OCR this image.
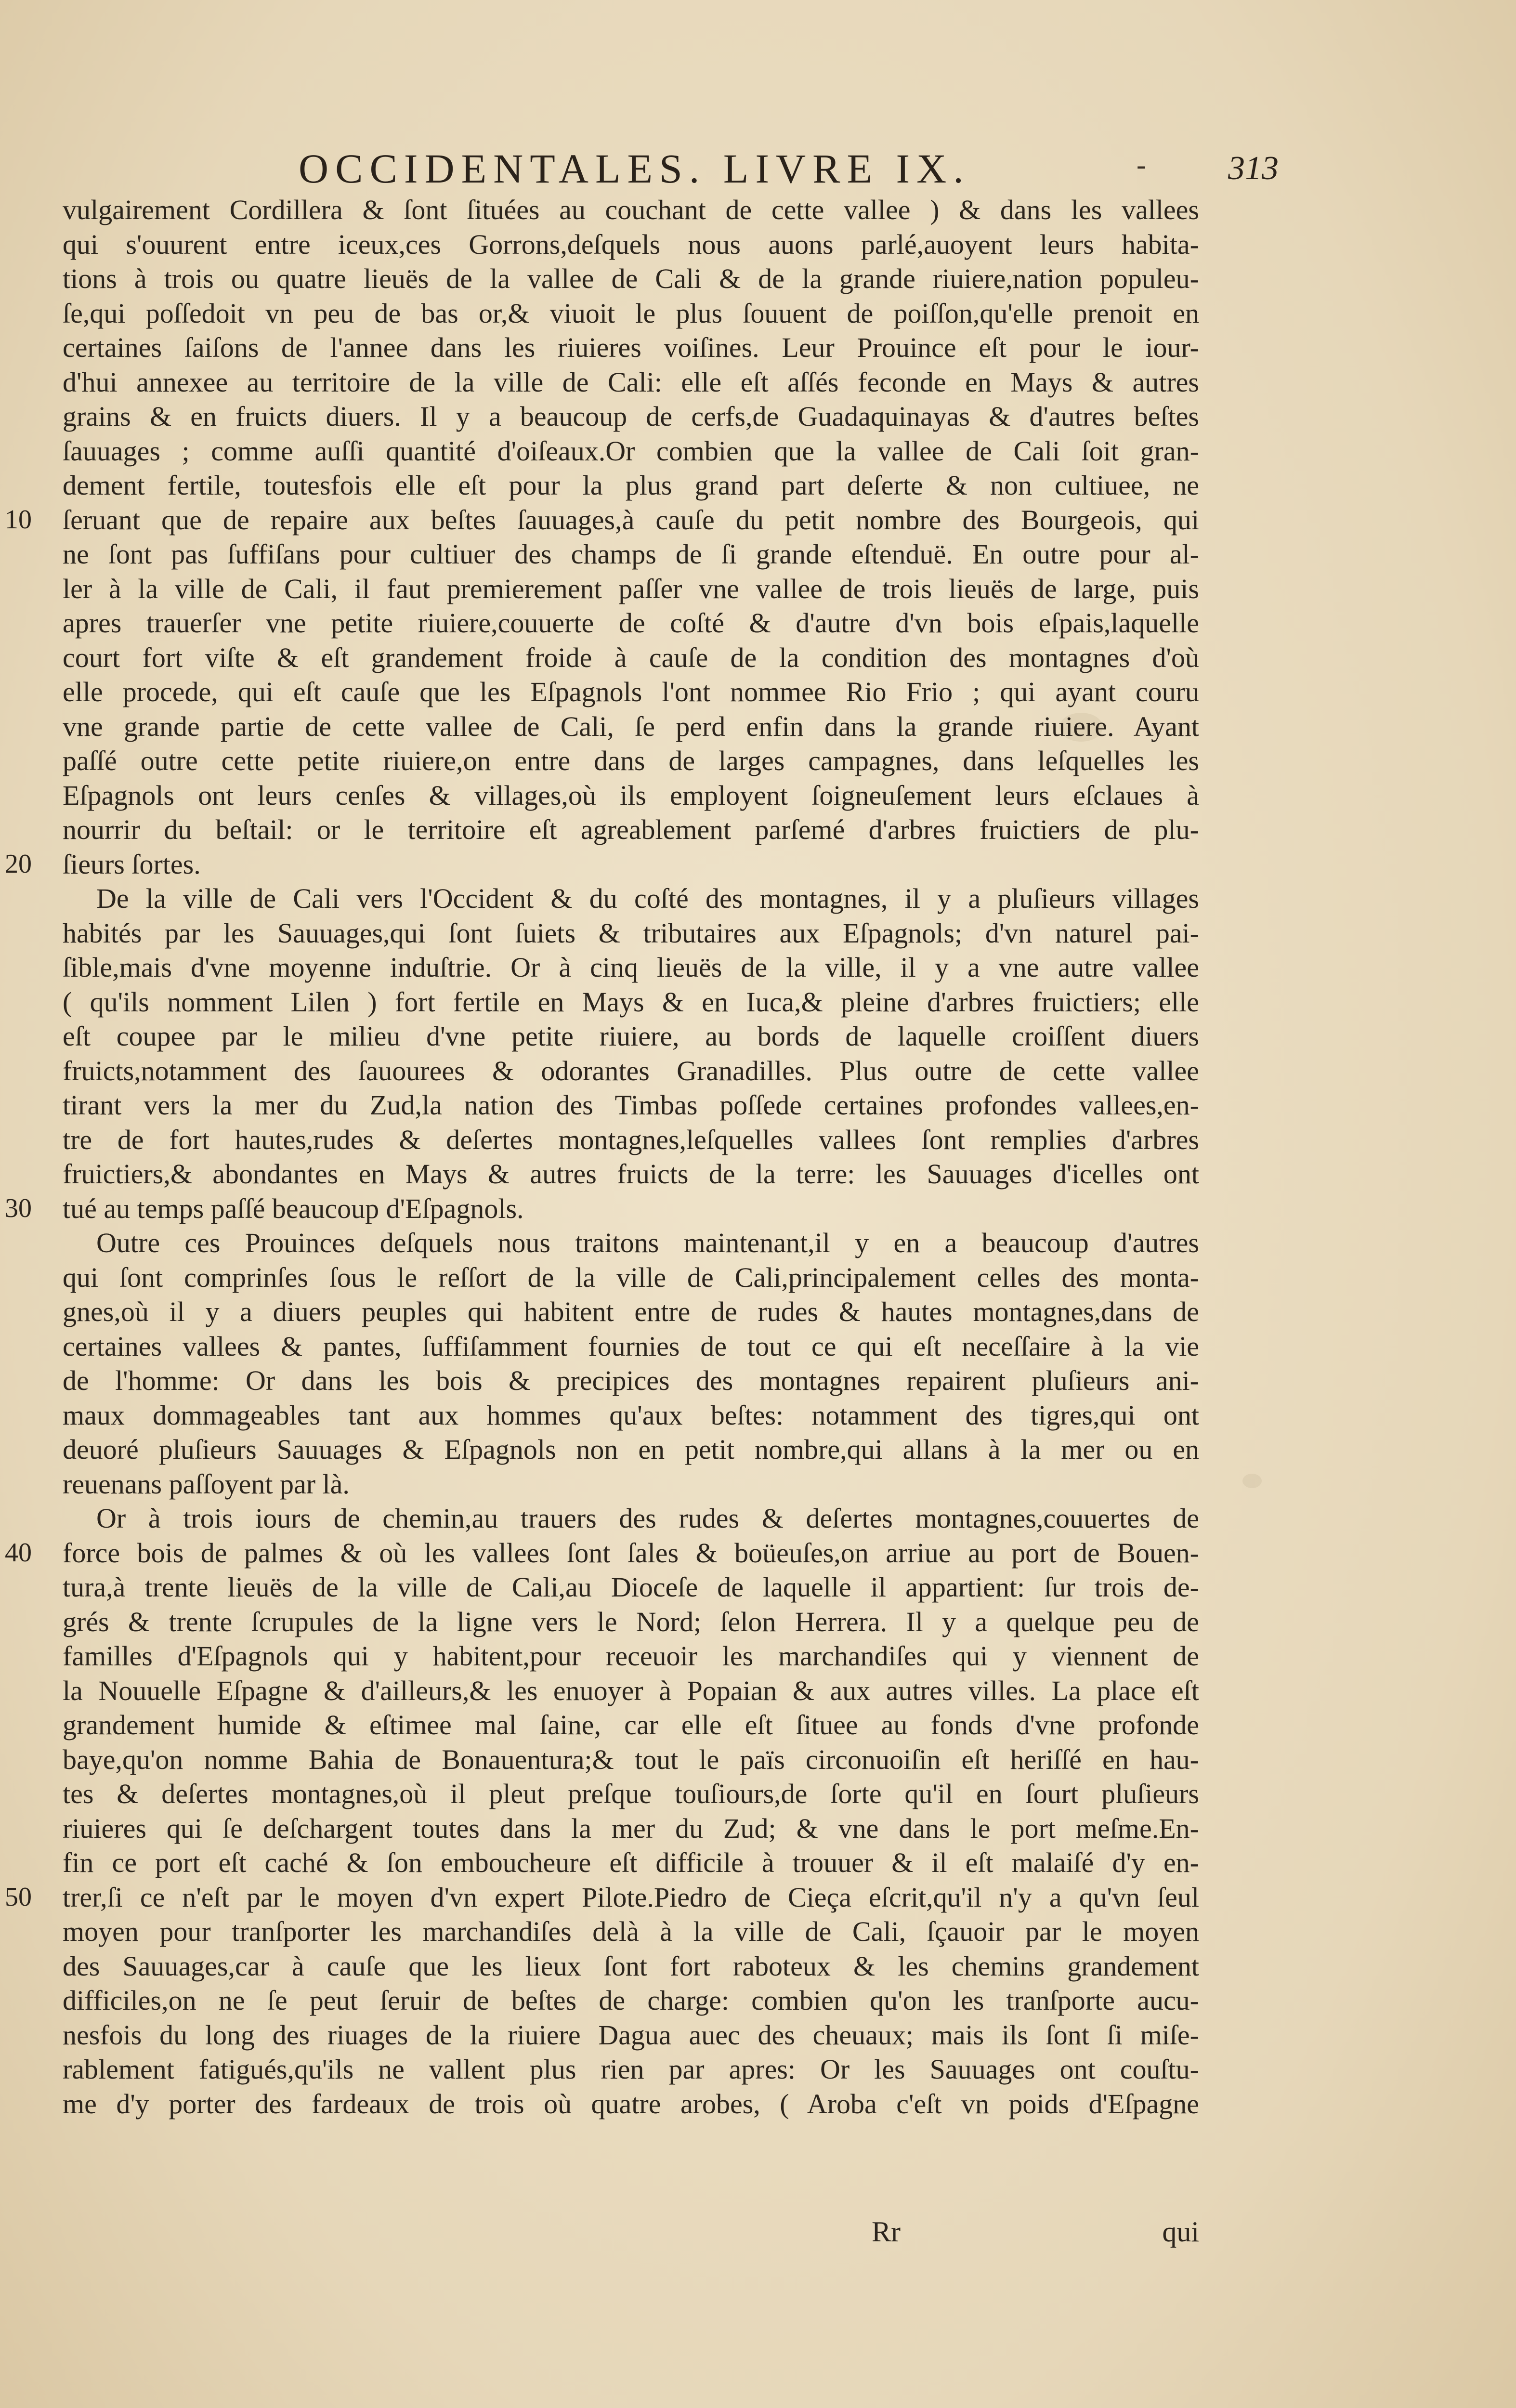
OCCIDENTALES. LIVRE IX.	- 313
vulgairement Cordillera & ſont ſituées au couchant de cette vallee ) & dans les vallees
qui s'ouurent entre iceux,ces Gorrons,deſquels nous auons parlé,auoyent leurs habita-
tions à trois ou quatre lieuës de la vallee de Cali & de la grande riuiere,nation populeu-
ſe,qui poſſedoit vn peu de bas or,& viuoit le plus ſouuent de poiſſon,qu'elle prenoit en
certaines ſaiſons de l'annee dans les riuieres voiſines. Leur Prouince eſt pour le iour-
d'hui annexee au territoire de la ville de Cali: elle eſt aſſés feconde en Mays & autres
grains & en fruicts diuers. Il y a beaucoup de cerfs,de Guadaquinayas & d'autres beſtes
ſauuages ; comme auſſi quantité d'oiſeaux.Or combien que la vallee de Cali ſoit gran-
dement fertile, toutesfois elle eſt pour la plus grand part deſerte & non cultiuee, ne
10	ſeruant que de repaire aux beſtes ſauuages,à cauſe du petit nombre des Bourgeois, qui
ne ſont pas ſuffiſans pour cultiuer des champs de ſi grande eſtenduë. En outre pour al-
ler à la ville de Cali, il faut premierement paſſer vne vallee de trois lieuës de large, puis
apres trauerſer vne petite riuiere,couuerte de coſté & d'autre d'vn bois eſpais,laquelle
court fort viſte & eſt grandement froide à cauſe de la condition des montagnes d'où
elle procede, qui eſt cauſe que les Eſpagnols l'ont nommee Rio Frio ; qui ayant couru
vne grande partie de cette vallee de Cali, ſe perd enfin dans la grande riuiere. Ayant
paſſé outre cette petite riuiere,on entre dans de larges campagnes, dans leſquelles les
Eſpagnols ont leurs cenſes & villages,où ils employent ſoigneuſement leurs eſclaues à
nourrir du beſtail: or le territoire eſt agreablement parſemé d'arbres fruictiers de plu-
20	ſieurs ſortes.
De la ville de Cali vers l'Occident & du coſté des montagnes, il y a pluſieurs villages
habités par les Sauuages,qui ſont ſuiets & tributaires aux Eſpagnols; d'vn naturel pai-
ſible,mais d'vne moyenne induſtrie. Or à cinq lieuës de la ville, il y a vne autre vallee
( qu'ils nomment Lilen ) fort fertile en Mays & en Iuca,& pleine d'arbres fruictiers; elle
eſt coupee par le milieu d'vne petite riuiere, au bords de laquelle croiſſent diuers
fruicts,notamment des ſauourees & odorantes Granadilles. Plus outre de cette vallee
tirant vers la mer du Zud,la nation des Timbas poſſede certaines profondes vallees,en-
tre de fort hautes,rudes & deſertes montagnes,leſquelles vallees ſont remplies d'arbres
fruictiers,& abondantes en Mays & autres fruicts de la terre: les Sauuages d'icelles ont
30	tué au temps paſſé beaucoup d'Eſpagnols.
Outre ces Prouinces deſquels nous traitons maintenant,il y en a beaucoup d'autres
qui ſont comprinſes ſous le reſſort de la ville de Cali,principalement celles des monta-
gnes,où il y a diuers peuples qui habitent entre de rudes & hautes montagnes,dans de
certaines vallees & pantes, ſuffiſamment fournies de tout ce qui eſt neceſſaire à la vie
de l'homme: Or dans les bois & precipices des montagnes repairent pluſieurs ani-
maux dommageables tant aux hommes qu'aux beſtes: notamment des tigres,qui ont
deuoré pluſieurs Sauuages & Eſpagnols non en petit nombre,qui allans à la mer ou en
reuenans paſſoyent par là.
Or à trois iours de chemin,au trauers des rudes & deſertes montagnes,couuertes de
40	force bois de palmes & où les vallees ſont ſales & boüeuſes,on arriue au port de Bouen-
tura,à trente lieuës de la ville de Cali,au Dioceſe de laquelle il appartient: ſur trois de-
grés & trente ſcrupules de la ligne vers le Nord; ſelon Herrera. Il y a quelque peu de
familles d'Eſpagnols qui y habitent,pour receuoir les marchandiſes qui y viennent de
la Nouuelle Eſpagne & d'ailleurs,& les enuoyer à Popaian & aux autres villes. La place eſt
grandement humide & eſtimee mal ſaine, car elle eſt ſituee au fonds d'vne profonde
baye,qu'on nomme Bahia de Bonauentura;& tout le païs circonuoiſin eſt heriſſé en hau-
tes & deſertes montagnes,où il pleut preſque touſiours,de ſorte qu'il en ſourt pluſieurs
riuieres qui ſe deſchargent toutes dans la mer du Zud; & vne dans le port meſme.En-
fin ce port eſt caché & ſon embouchеure eſt difficile à trouuer & il eſt malaiſé d'y en-
50	trer,ſi ce n'eſt par le moyen d'vn expert Pilote.Piedro de Cieça eſcrit,qu'il n'y a qu'vn ſeul
moyen pour tranſporter les marchandiſes delà à la ville de Cali, ſçauoir par le moyen
des Sauuages,car à cauſe que les lieux ſont fort raboteux & les chemins grandement
difficiles,on ne ſe peut ſeruir de beſtes de charge: combien qu'on les tranſporte aucu-
nesfois du long des riuages de la riuiere Dagua auec des cheuaux; mais ils ſont ſi miſe-
rablement fatigués,qu'ils ne vallent plus rien par apres: Or les Sauuages ont couſtu-
me d'y porter des fardeaux de trois où quatre arobes, ( Aroba c'eſt vn poids d'Eſpagne
Rr	qui
